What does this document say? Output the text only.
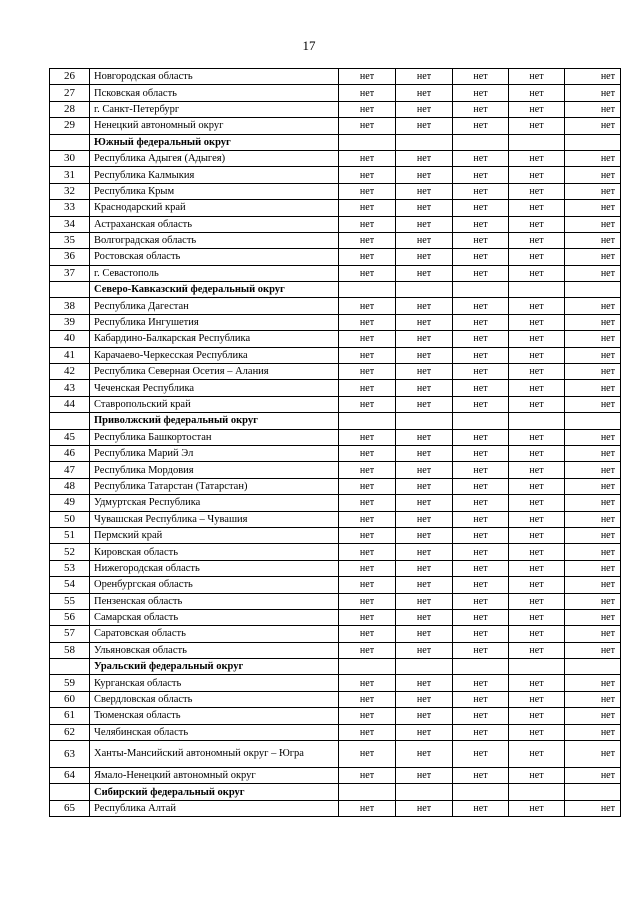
17
26	Новгородская область	нет	нет	нет	нет	нет
27	Псковская область	нет	нет	нет	нет	нет
28	г. Санкт-Петербург	нет	нет	нет	нет	нет
29	Ненецкий автономный округ	нет	нет	нет	нет	нет
	Южный федеральный округ					
30	Республика Адыгея (Адыгея)	нет	нет	нет	нет	нет
31	Республика Калмыкия	нет	нет	нет	нет	нет
32	Республика Крым	нет	нет	нет	нет	нет
33	Краснодарский край	нет	нет	нет	нет	нет
34	Астраханская область	нет	нет	нет	нет	нет
35	Волгоградская область	нет	нет	нет	нет	нет
36	Ростовская область	нет	нет	нет	нет	нет
37	г. Севастополь	нет	нет	нет	нет	нет
	Северо-Кавказский федеральный округ					
38	Республика Дагестан	нет	нет	нет	нет	нет
39	Республика Ингушетия	нет	нет	нет	нет	нет
40	Кабардино-Балкарская Республика	нет	нет	нет	нет	нет
41	Карачаево-Черкесская Республика	нет	нет	нет	нет	нет
42	Республика Северная Осетия – Алания	нет	нет	нет	нет	нет
43	Чеченская Республика	нет	нет	нет	нет	нет
44	Ставропольский край	нет	нет	нет	нет	нет
	Приволжский федеральный округ					
45	Республика Башкортостан	нет	нет	нет	нет	нет
46	Республика Марий Эл	нет	нет	нет	нет	нет
47	Республика Мордовия	нет	нет	нет	нет	нет
48	Республика Татарстан (Татарстан)	нет	нет	нет	нет	нет
49	Удмуртская Республика	нет	нет	нет	нет	нет
50	Чувашская Республика – Чувашия	нет	нет	нет	нет	нет
51	Пермский край	нет	нет	нет	нет	нет
52	Кировская область	нет	нет	нет	нет	нет
53	Нижегородская область	нет	нет	нет	нет	нет
54	Оренбургская область	нет	нет	нет	нет	нет
55	Пензенская область	нет	нет	нет	нет	нет
56	Самарская область	нет	нет	нет	нет	нет
57	Саратовская область	нет	нет	нет	нет	нет
58	Ульяновская область	нет	нет	нет	нет	нет
	Уральский федеральный округ					
59	Курганская область	нет	нет	нет	нет	нет
60	Свердловская область	нет	нет	нет	нет	нет
61	Тюменская область	нет	нет	нет	нет	нет
62	Челябинская область	нет	нет	нет	нет	нет
63	Ханты-Мансийский автономный округ – Югра	нет	нет	нет	нет	нет
64	Ямало-Ненецкий автономный округ	нет	нет	нет	нет	нет
	Сибирский федеральный округ					
65	Республика Алтай	нет	нет	нет	нет	нет
